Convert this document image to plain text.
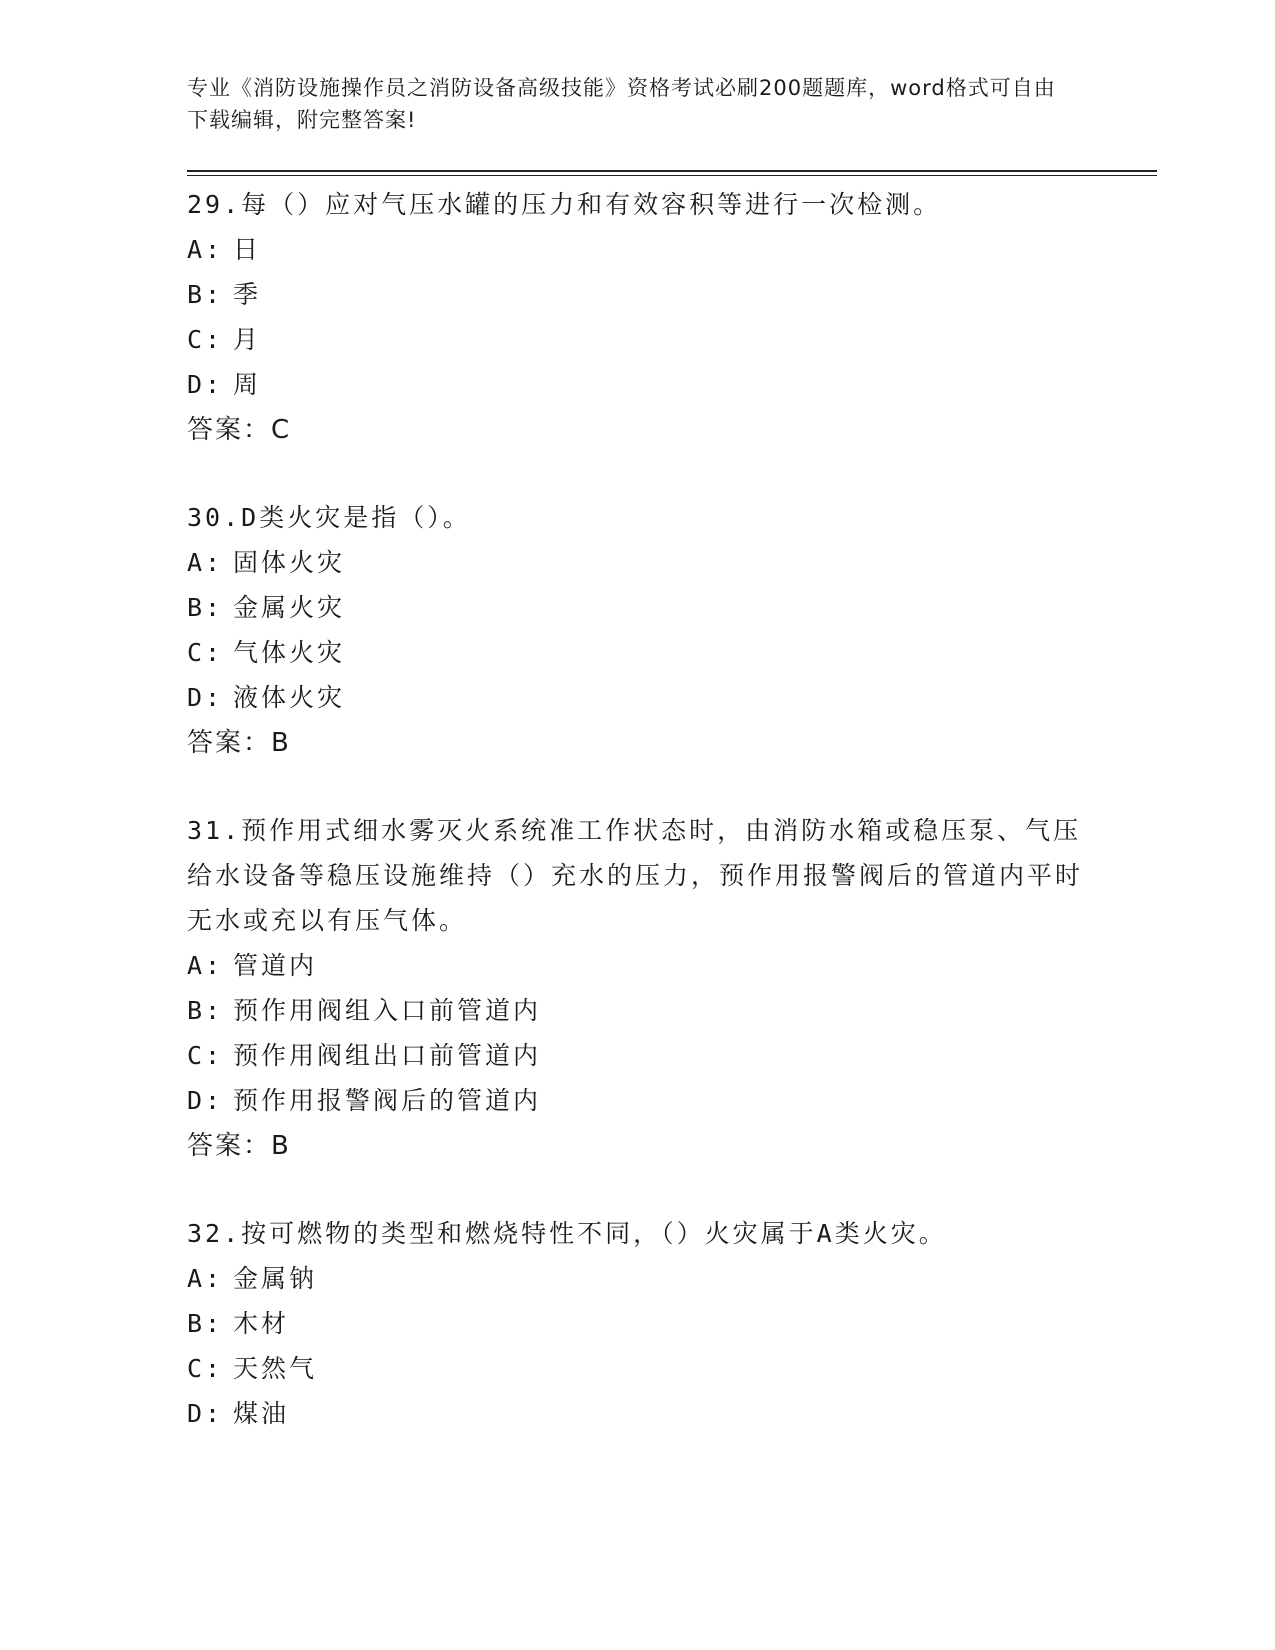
专业《消防设施操作员之消防设备高级技能》资格考试必刷200题题库，word格式可自由下载编辑，附完整答案!

29.每（）应对气压水罐的压力和有效容积等进行一次检测。

A: 日

B: 季

C: 月

D: 周

答案：C

30.D类火灾是指（）。

A: 固体火灾

B: 金属火灾

C: 气体火灾

D: 液体火灾

答案：B

31.预作用式细水雾灭火系统准工作状态时，由消防水箱或稳压泵、气压给水设备等稳压设施维持（）充水的压力，预作用报警阀后的管道内平时无水或充以有压气体。

A: 管道内

B: 预作用阀组入口前管道内

C: 预作用阀组出口前管道内

D: 预作用报警阀后的管道内

答案：B

32.按可燃物的类型和燃烧特性不同，（）火灾属于A类火灾。

A: 金属钠

B: 木材

C: 天然气

D: 煤油
